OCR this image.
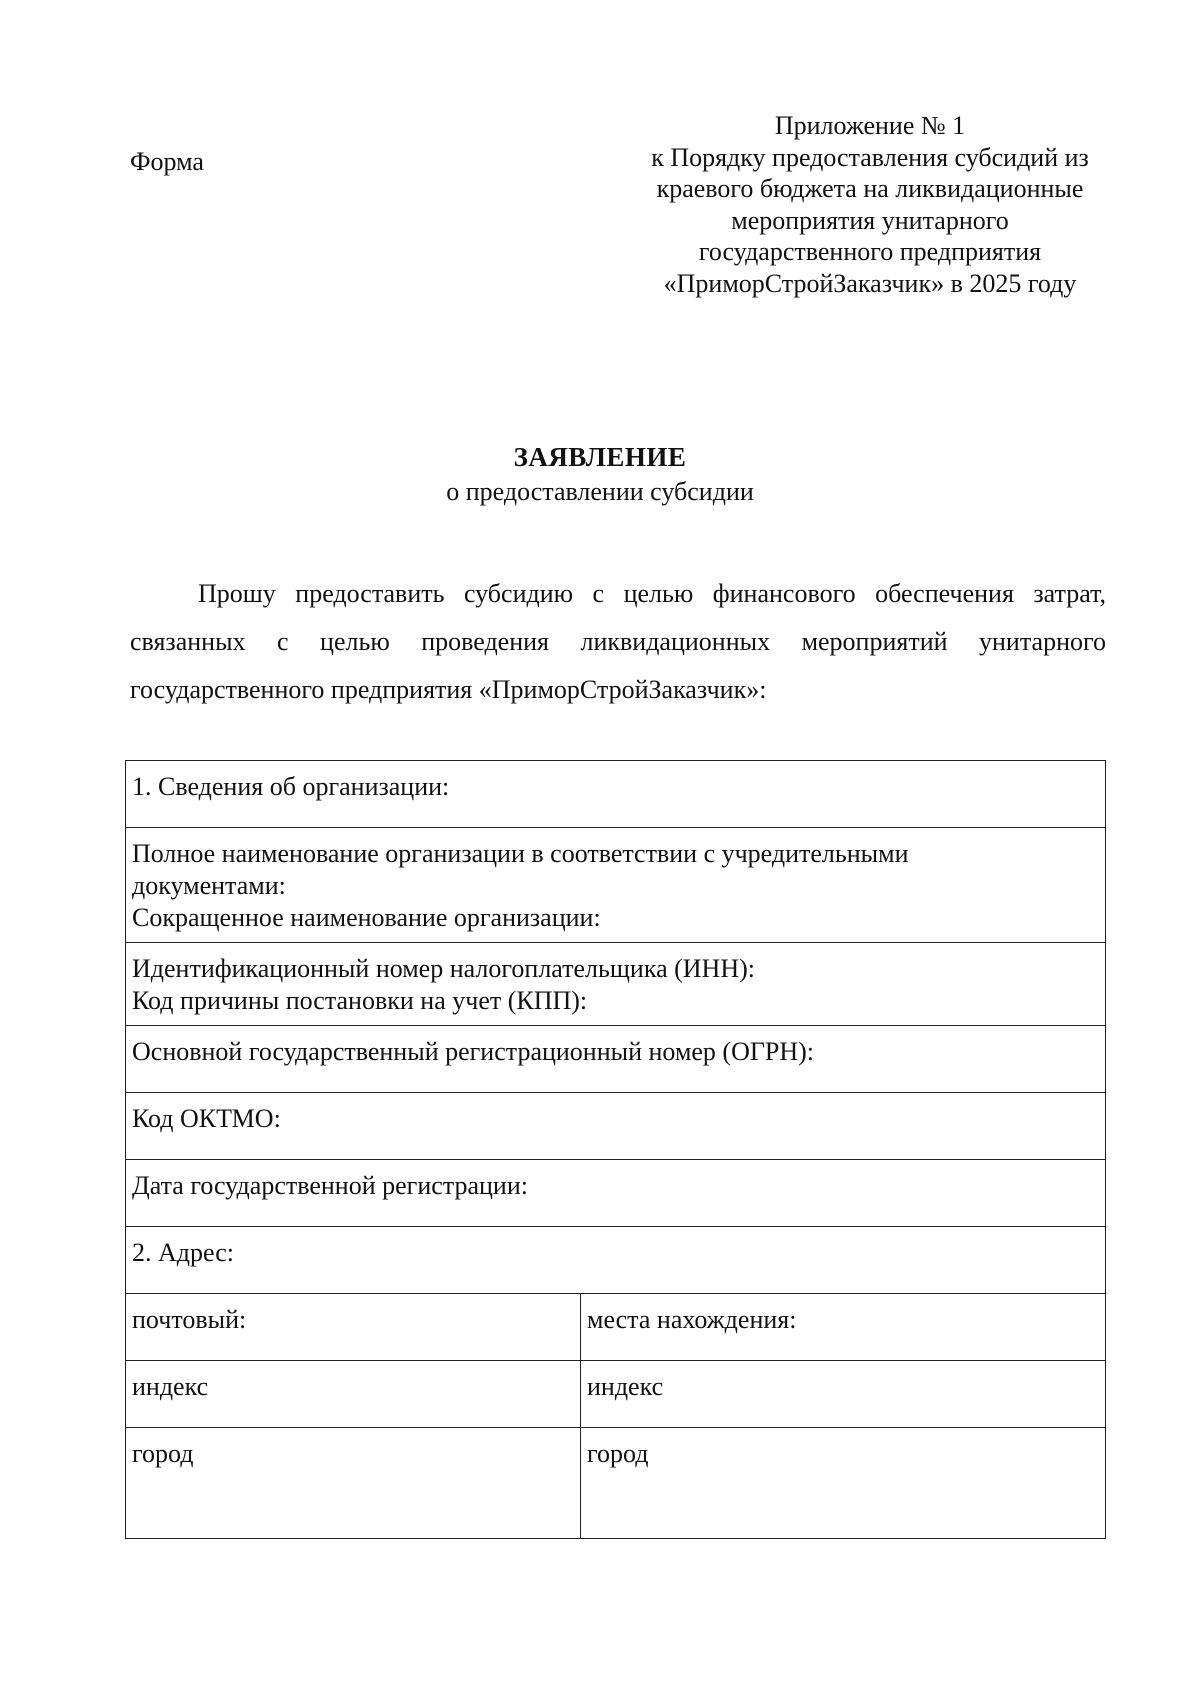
Форма
Приложение № 1
к Порядку предоставления субсидий из
краевого бюджета на ликвидационные
мероприятия унитарного
государственного предприятия
«ПриморСтройЗаказчик» в 2025 году
ЗАЯВЛЕНИЕ
о предоставлении субсидии

Прошу предоставить субсидию с целью финансового обеспечения затрат, связанных с целью проведения ликвидационных мероприятий унитарного государственного предприятия «ПриморСтройЗаказчик»:

1. Сведения об организации:	

Полное наименование организации в соответствии с учредительными
документами:
Сокращенное наименование организации:	

Идентификационный номер налогоплательщика (ИНН):
Код причины постановки на учет (КПП):	

Основной государственный регистрационный номер (ОГРН):	
Код ОКТМО:	
Дата государственной регистрации:	
2. Адрес:	
почтовый:	места нахождения:
индекс	индекс
город	город
